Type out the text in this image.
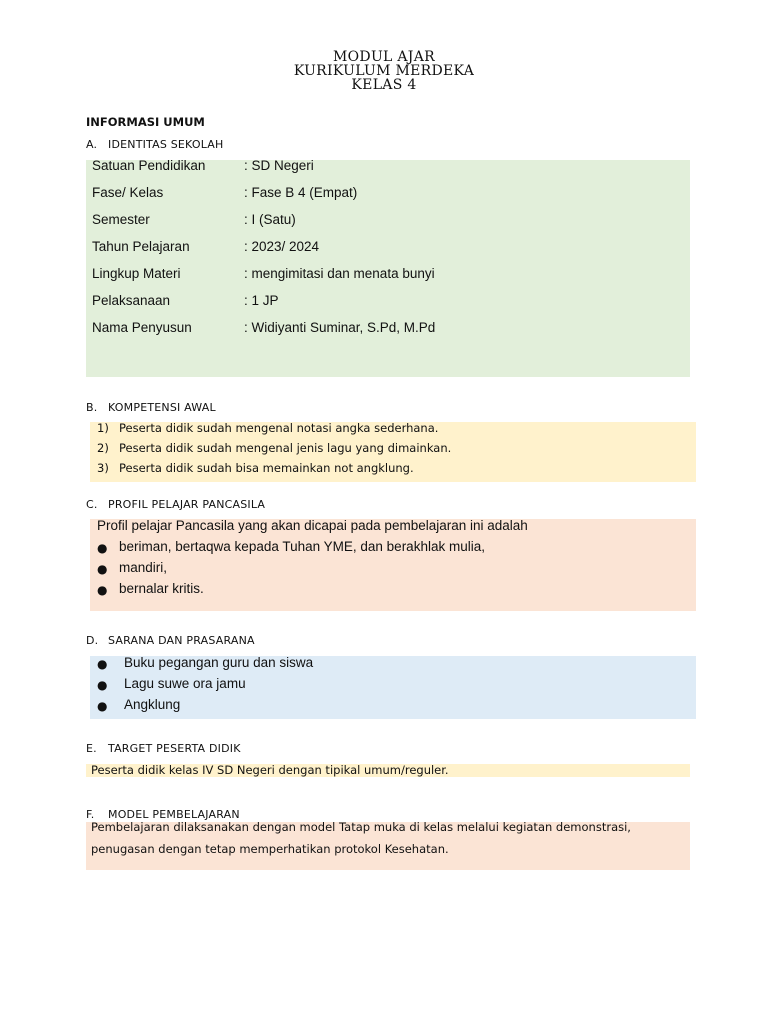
MODUL AJAR
KURIKULUM MERDEKA
KELAS 4
INFORMASI UMUM
A. IDENTITAS SEKOLAH
Satuan Pendidikan	: SD Negeri
Fase/ Kelas	: Fase B 4 (Empat)
Semester	: I (Satu)
Tahun Pelajaran	: 2023/ 2024
Lingkup Materi	: mengimitasi dan menata bunyi
Pelaksanaan	: 1 JP
Nama Penyusun	: Widiyanti Suminar, S.Pd, M.Pd
B. KOMPETENSI AWAL
1) Peserta didik sudah mengenal notasi angka sederhana.
2) Peserta didik sudah mengenal jenis lagu yang dimainkan.
3) Peserta didik sudah bisa memainkan not angklung.
C. PROFIL PELAJAR PANCASILA
Profil pelajar Pancasila yang akan dicapai pada pembelajaran ini adalah
● beriman, bertaqwa kepada Tuhan YME, dan berakhlak mulia,
● mandiri,
● bernalar kritis.
D. SARANA DAN PRASARANA
● Buku pegangan guru dan siswa
● Lagu suwe ora jamu
● Angklung
E. TARGET PESERTA DIDIK
Peserta didik kelas IV SD Negeri dengan tipikal umum/reguler.
F. MODEL PEMBELAJARAN
Pembelajaran dilaksanakan dengan model Tatap muka di kelas melalui kegiatan demonstrasi,
penugasan dengan tetap memperhatikan protokol Kesehatan.
